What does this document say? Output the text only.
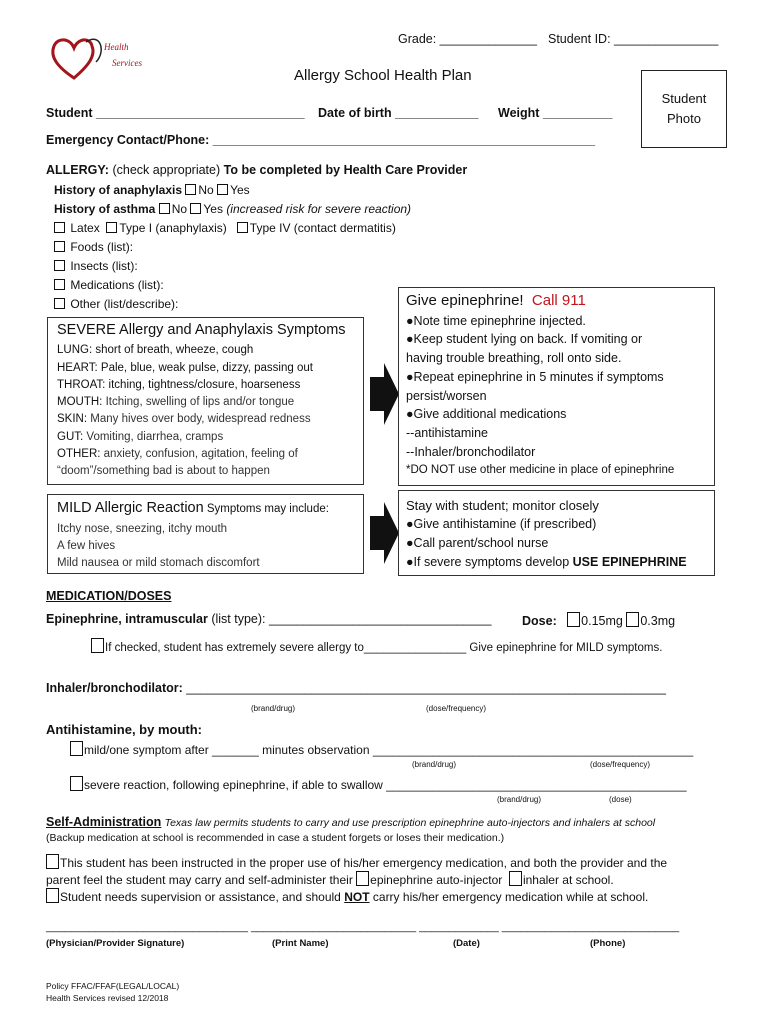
Health
Services
Grade: ______________ Student ID: _______________
Allergy School Health Plan
Student Photo
Student ______________________________ Date of birth ____________ Weight __________
Emergency Contact/Phone: _______________________________________________________
ALLERGY: (check appropriate) To be completed by Health Care Provider
History of anaphylaxis No Yes
History of asthma No Yes (increased risk for severe reaction)
Latex Type I (anaphylaxis) Type IV (contact dermatitis)
Foods (list):
Insects (list):
Medications (list):
Other (list/describe):
SEVERE Allergy and Anaphylaxis Symptoms
LUNG: short of breath, wheeze, cough
HEART: Pale, blue, weak pulse, dizzy, passing out
THROAT: itching, tightness/closure, hoarseness
MOUTH: Itching, swelling of lips and/or tongue
SKIN: Many hives over body, widespread redness
GUT: Vomiting, diarrhea, cramps
OTHER: anxiety, confusion, agitation, feeling of
“doom”/something bad is about to happen
Give epinephrine! Call 911
●Note time epinephrine injected.
●Keep student lying on back. If vomiting or
having trouble breathing, roll onto side.
●Repeat epinephrine in 5 minutes if symptoms
persist/worsen
●Give additional medications
--antihistamine
--Inhaler/bronchodilator
*DO NOT use other medicine in place of epinephrine
MILD Allergic Reaction Symptoms may include:
Itchy nose, sneezing, itchy mouth
A few hives
Mild nausea or mild stomach discomfort
Stay with student; monitor closely
●Give antihistamine (if prescribed)
●Call parent/school nurse
●If severe symptoms develop USE EPINEPHRINE
MEDICATION/DOSES
Epinephrine, intramuscular (list type): ________________________________ Dose: 0.15mg 0.3mg
If checked, student has extremely severe allergy to________________ Give epinephrine for MILD symptoms.
Inhaler/bronchodilator: _____________________________________________________________________
(brand/drug)	(dose/frequency)
Antihistamine, by mouth:
mild/one symptom after _______ minutes observation ________________________________________________
(brand/drug)	(dose/frequency)
severe reaction, following epinephrine, if able to swallow _____________________________________________
(brand/drug)	(dose)
Self-Administration Texas law permits students to carry and use prescription epinephrine auto-injectors and inhalers at school
(Backup medication at school is recommended in case a student forgets or loses their medication.)
This student has been instructed in the proper use of his/her emergency medication, and both the provider and the
parent feel the student may carry and self-administer their epinephrine auto-injector inhaler at school.
Student needs supervision or assistance, and should NOT carry his/her emergency medication while at school.
_________________________________ ___________________________ _____________ _____________________________
(Physician/Provider Signature)	(Print Name)	(Date)	(Phone)
Policy FFAC/FFAF(LEGAL/LOCAL)
Health Services revised 12/2018
